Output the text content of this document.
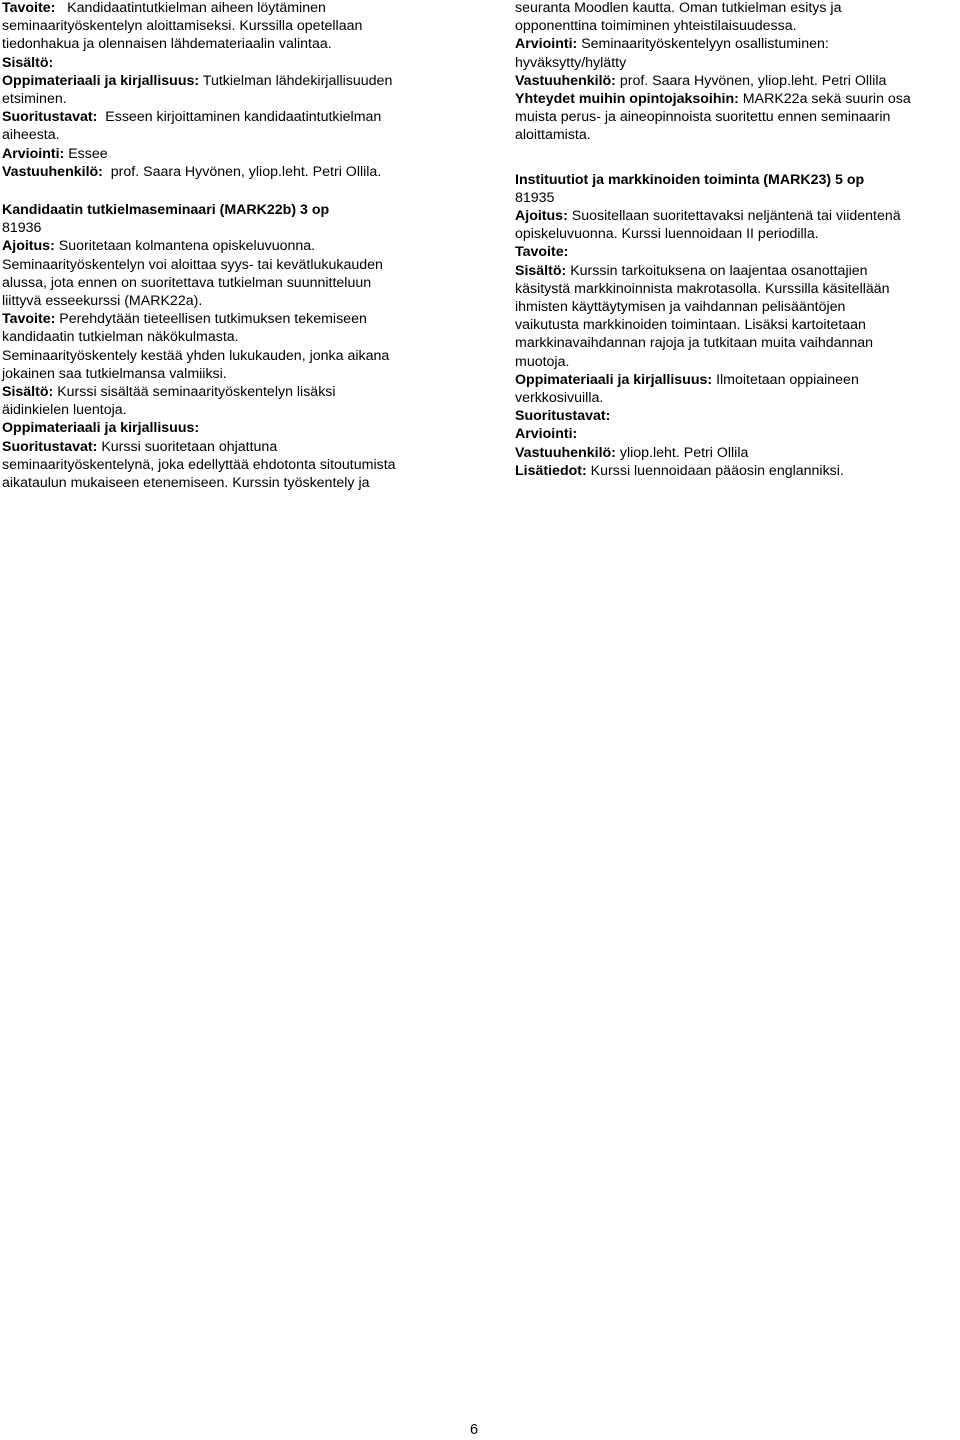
Tavoite:   Kandidaatintutkielman aiheen löytäminen

seminaarityöskentelyn aloittamiseksi. Kurssilla opetellaan

tiedonhakua ja olennaisen lähdemateriaalin valintaa.

Sisältö:

Oppimateriaali ja kirjallisuus: Tutkielman lähdekirjallisuuden

etsiminen.

Suoritustavat:  Esseen kirjoittaminen kandidaatintutkielman

aiheesta.

Arviointi: Essee

Vastuuhenkilö:  prof. Saara Hyvönen, yliop.leht. Petri Ollila.

Kandidaatin tutkielmaseminaari (MARK22b) 3 op

81936

Ajoitus: Suoritetaan kolmantena opiskeluvuonna.

Seminaarityöskentelyn voi aloittaa syys- tai kevätlukukauden

alussa, jota ennen on suoritettava tutkielman suunnitteluun

liittyvä esseekurssi (MARK22a).

Tavoite: Perehdytään tieteellisen tutkimuksen tekemiseen

kandidaatin tutkielman näkökulmasta.

Seminaarityöskentely kestää yhden lukukauden, jonka aikana

jokainen saa tutkielmansa valmiiksi.

Sisältö: Kurssi sisältää seminaarityöskentelyn lisäksi

äidinkielen luentoja.

Oppimateriaali ja kirjallisuus:

Suoritustavat: Kurssi suoritetaan ohjattuna

seminaarityöskentelynä, joka edellyttää ehdotonta sitoutumista

aikataulun mukaiseen etenemiseen. Kurssin työskentely ja

seuranta Moodlen kautta. Oman tutkielman esitys ja

opponenttina toimiminen yhteistilaisuudessa.

Arviointi: Seminaarityöskentelyyn osallistuminen:

hyväksytty/hylätty

Vastuuhenkilö: prof. Saara Hyvönen, yliop.leht. Petri Ollila

Yhteydet muihin opintojaksoihin: MARK22a sekä suurin osa

muista perus- ja aineopinnoista suoritettu ennen seminaarin

aloittamista.

Instituutiot ja markkinoiden toiminta (MARK23) 5 op

81935

Ajoitus: Suositellaan suoritettavaksi neljäntenä tai viidentenä

opiskeluvuonna. Kurssi luennoidaan II periodilla.

Tavoite:

Sisältö: Kurssin tarkoituksena on laajentaa osanottajien

käsitystä markkinoinnista makrotasolla. Kurssilla käsitellään

ihmisten käyttäytymisen ja vaihdannan pelisääntöjen

vaikutusta markkinoiden toimintaan. Lisäksi kartoitetaan

markkinavaihdannan rajoja ja tutkitaan muita vaihdannan

muotoja.

Oppimateriaali ja kirjallisuus: Ilmoitetaan oppiaineen

verkkosivuilla.

Suoritustavat:

Arviointi:

Vastuuhenkilö: yliop.leht. Petri Ollila

Lisätiedot: Kurssi luennoidaan pääosin englanniksi.

6
